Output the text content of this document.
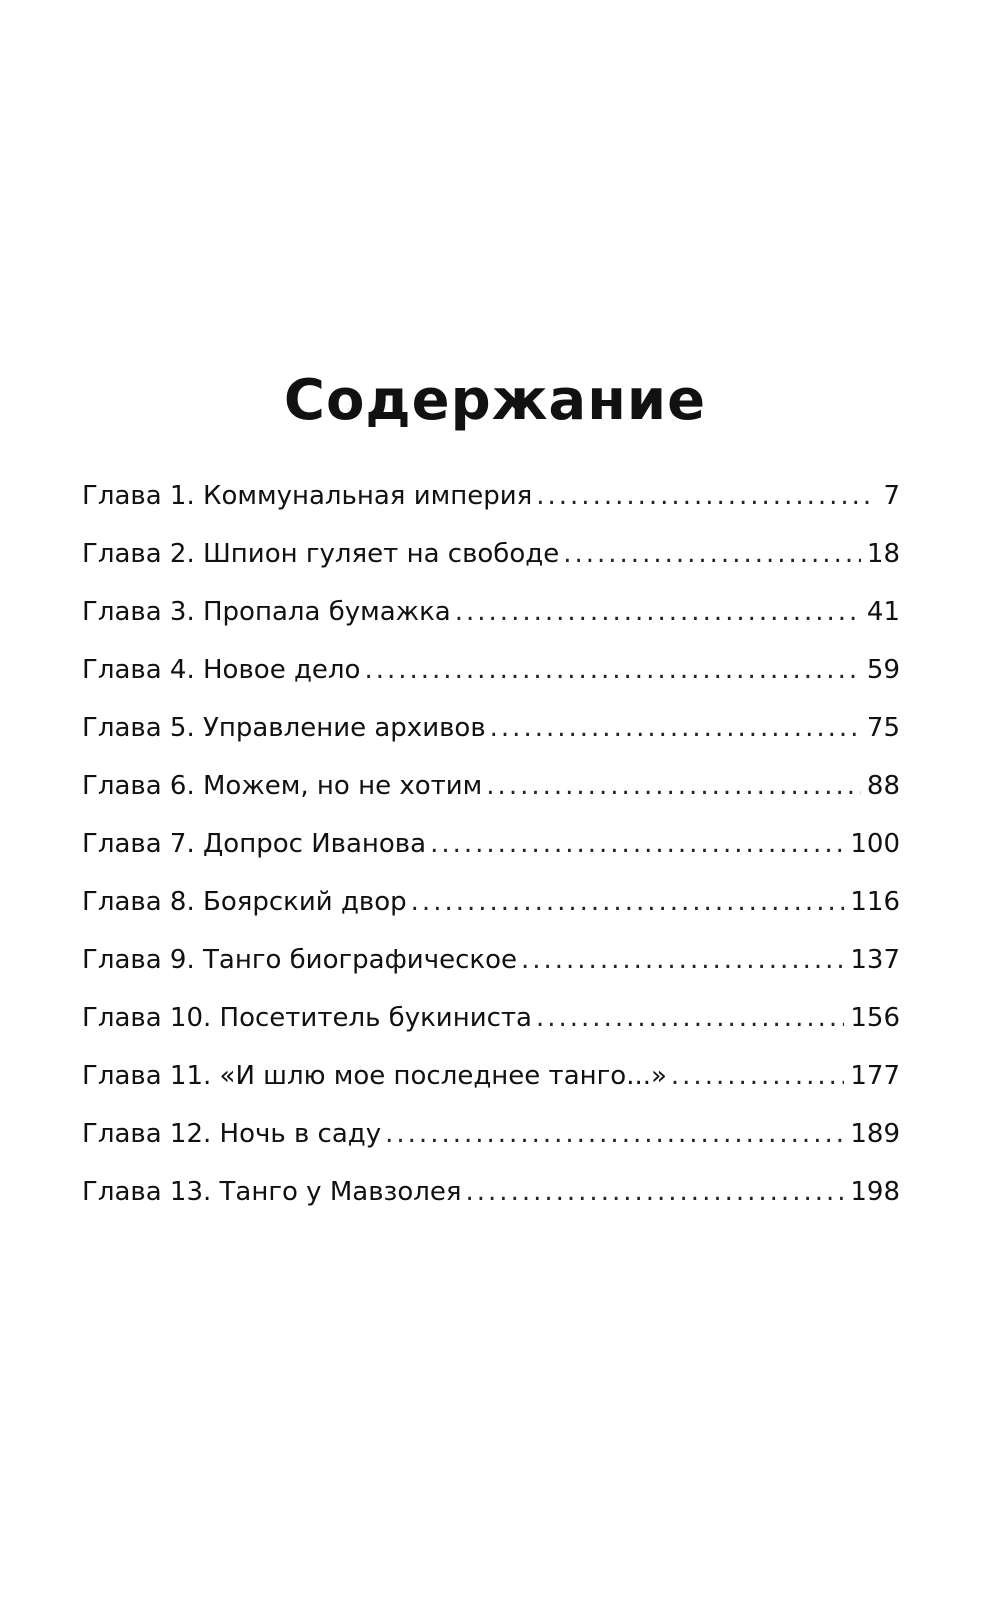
Содержание
Глава 1. Коммунальная империя .....	7
Глава 2. Шпион гуляет на свободе .....	18
Глава 3. Пропала бумажка .....	41
Глава 4. Новое дело .....	59
Глава 5. Управление архивов .....	75
Глава 6. Можем, но не хотим .....	88
Глава 7. Допрос Иванова .....	100
Глава 8. Боярский двор .....	116
Глава 9. Танго биографическое .....	137
Глава 10. Посетитель букиниста .....	156
Глава 11. «И шлю мое последнее танго...» .....	177
Глава 12. Ночь в саду .....	189
Глава 13. Танго у Мавзолея .....	198
